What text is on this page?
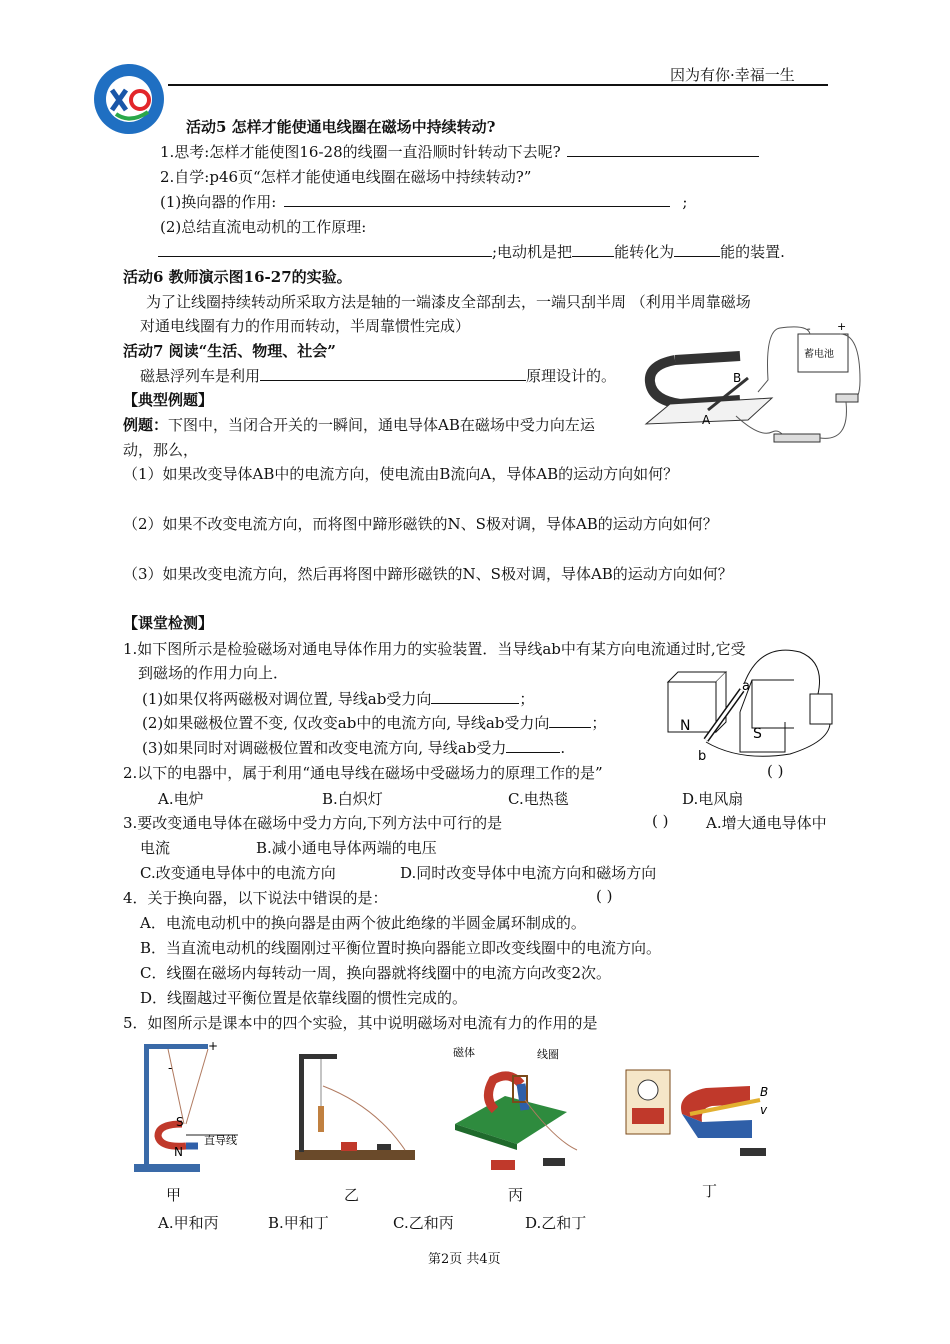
因为有你·幸福一生
活动5 怎样才能使通电线圈在磁场中持续转动?
1.思考:怎样才能使图16-28的线圈一直沿顺时针转动下去呢?
2.自学:p46页“怎样才能使通电线圈在磁场中持续转动?”
(1)换向器的作用:	;
(2)总结直流电动机的工作原理:
;电动机是把	能转化为	能的装置.
活动6 教师演示图16-27的实验。
为了让线圈持续转动所采取方法是轴的一端漆皮全部刮去，一端只刮半周 （利用半周靠磁场
对通电线圈有力的作用而转动，半周靠惯性完成）
活动7 阅读“生活、物理、社会”
磁悬浮列车是利用	原理设计的。
【典型例题】
例题：下图中，当闭合开关的一瞬间，通电导体AB在磁场中受力向左运
动，那么，
B
A
蓄电池
- +
（1）如果改变导体AB中的电流方向，使电流由B流向A，导体AB的运动方向如何？
（2）如果不改变电流方向，而将图中蹄形磁铁的N、S极对调，导体AB的运动方向如何？
（3）如果改变电流方向，然后再将图中蹄形磁铁的N、S极对调，导体AB的运动方向如何？
【课堂检测】
1.如下图所示是检验磁场对通电导体作用力的实验装置．当导线ab中有某方向电流通过时,它受
到磁场的作用力向上．
(1)如果仅将两磁极对调位置, 导线ab受力向	；
(2)如果磁极位置不变, 仅改变ab中的电流方向, 导线ab受力向	；
(3)如果同时对调磁极位置和改变电流方向, 导线ab受力	.
N	S
a
b
2.以下的电器中，属于利用“通电导线在磁场中受磁场力的原理工作的是”	( )
A.电炉	B.白炽灯	C.电热毯	D.电风扇
3.要改变通电导体在磁场中受力方向,下列方法中可行的是	( )	A.增大通电导体中
电流	B.减小通电导体两端的电压
C.改变通电导体中的电流方向	D.同时改变导体中电流方向和磁场方向
4．关于换向器，以下说法中错误的是：	( )
A．电流电动机中的换向器是由两个彼此绝缘的半圆金属环制成的。
B．当直流电动机的线圈刚过平衡位置时换向器能立即改变线圈中的电流方向。
C．线圈在磁场内每转动一周，换向器就将线圈中的电流方向改变2次。
D．线圈越过平衡位置是依靠线圈的惯性完成的。
5．如图所示是课本中的四个实验，其中说明磁场对电流有力的作用的是
S
N
直导线
+
-
甲	乙
磁体	线圈
丙
B
v
丁
A.甲和丙	B.甲和丁	C.乙和丙	D.乙和丁
第2页 共4页
